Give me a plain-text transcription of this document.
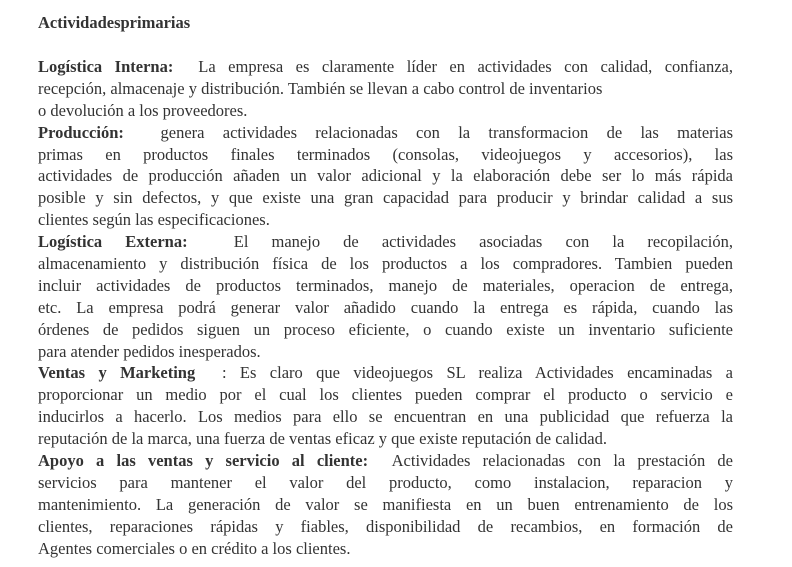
Actividadesprimarias
Logística Interna: La empresa es claramente líder en actividades con calidad, confianza,
recepción, almacenaje y distribución. También se llevan a cabo control de inventarios
o devolución a los proveedores.
Producción: genera actividades relacionadas con la transformacion de las materias
primas en productos finales terminados (consolas, videojuegos y accesorios), las
actividades de producción añaden un valor adicional y la elaboración debe ser lo más rápida
posible y sin defectos, y que existe una gran capacidad para producir y brindar calidad a sus
clientes según las especificaciones.
Logística Externa:	El manejo de actividades asociadas con la recopilación,
almacenamiento y distribución física de los productos a los compradores. Tambien pueden
incluir actividades de productos terminados, manejo de materiales, operacion de entrega,
etc. La empresa podrá generar valor añadido cuando la entrega es rápida, cuando las
órdenes de pedidos siguen un proceso eficiente, o cuando existe un inventario suficiente
para atender pedidos inesperados.
Ventas y Marketing : Es claro que videojuegos SL realiza Actividades encaminadas a
proporcionar un medio por el cual los clientes pueden comprar el producto o servicio e
inducirlos a hacerlo. Los medios para ello se encuentran en una publicidad que refuerza la
reputación de la marca, una fuerza de ventas eficaz y que existe reputación de calidad.
Apoyo a las ventas y servicio al cliente: Actividades relacionadas con la prestación de
servicios para mantener el valor del producto, como instalacion, reparacion y
mantenimiento. La generación de valor se manifiesta en un buen entrenamiento de los
clientes, reparaciones rápidas y fiables, disponibilidad de recambios, en formación de
Agentes comerciales o en crédito a los clientes.
